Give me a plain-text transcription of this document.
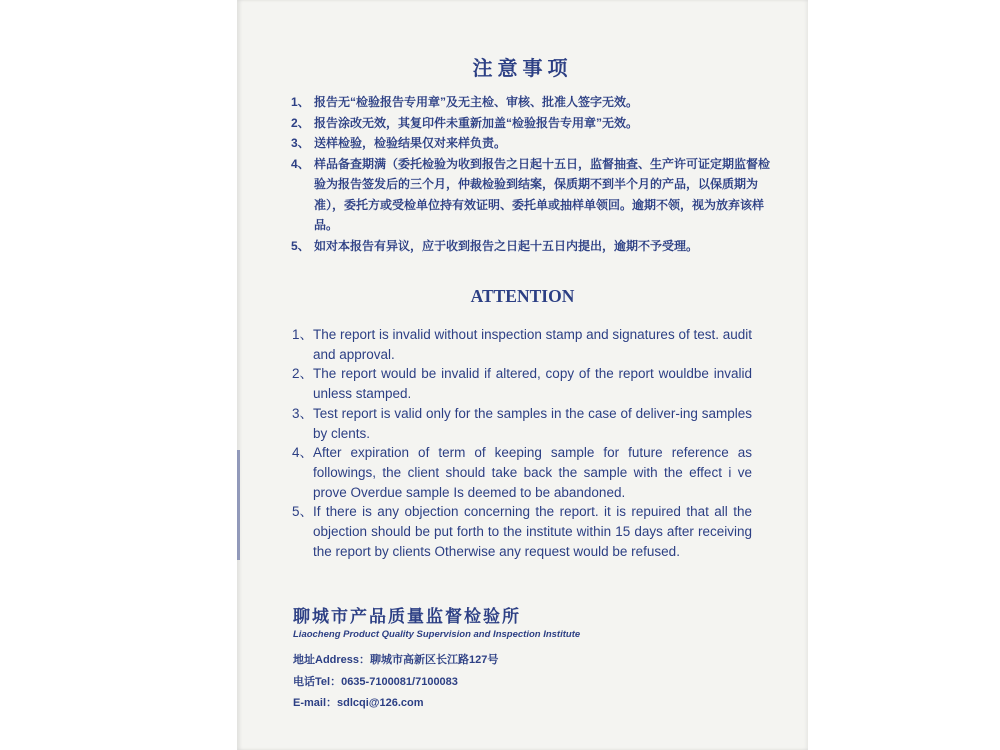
注意事项
1、 报告无“检验报告专用章”及无主检、审核、批准人签字无效。
2、 报告涂改无效，其复印件未重新加盖“检验报告专用章”无效。
3、 送样检验，检验结果仅对来样负责。
4、 样品备查期满（委托检验为收到报告之日起十五日，监督抽查、生产许可证定期监督检验为报告签发后的三个月，仲裁检验到结案，保质期不到半个月的产品，以保质期为准），委托方或受检单位持有效证明、委托单或抽样单领回。逾期不领，视为放弃该样品。
5、 如对本报告有异议，应于收到报告之日起十五日内提出，逾期不予受理。
ATTENTION
1、 The report is invalid without inspection stamp and signatures of test. audit and approval.
2、 The report would be invalid if altered, copy of the report wouldbe invalid unless stamped.
3、 Test report is valid only for the samples in the case of deliver-ing samples by clents.
4、 After expiration of term of keeping sample for future reference as followings, the client should take back the sample with the effect i ve prove Overdue sample Is deemed to be abandoned.
5、 If there is any objection concerning the report. it is repuired that all the objection should be put forth to the institute within 15 days after receiving the report by clients Otherwise any request would be refused.
聊城市产品质量监督检验所
Liaocheng Product Quality Supervision and Inspection Institute
地址Address：聊城市高新区长江路127号
电话Tel：0635-7100081/7100083
E-mail：sdlcqi@126.com
